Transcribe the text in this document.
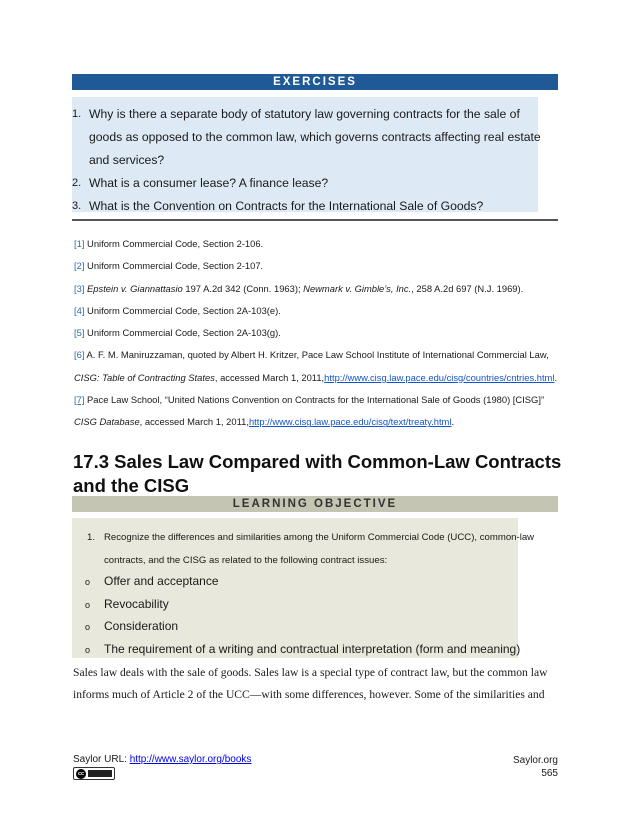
EXERCISES
1. Why is there a separate body of statutory law governing contracts for the sale of goods as opposed to the common law, which governs contracts affecting real estate and services?
2. What is a consumer lease? A finance lease?
3. What is the Convention on Contracts for the International Sale of Goods?

[1] Uniform Commercial Code, Section 2-106.

[2] Uniform Commercial Code, Section 2-107.

[3] Epstein v. Giannattasio 197 A.2d 342 (Conn. 1963); Newmark v. Gimble’s, Inc., 258 A.2d 697 (N.J. 1969).

[4] Uniform Commercial Code, Section 2A-103(e).

[5] Uniform Commercial Code, Section 2A-103(g).

[6] A. F. M. Maniruzzaman, quoted by Albert H. Kritzer, Pace Law School Institute of International Commercial Law, CISG: Table of Contracting States, accessed March 1, 2011,http://www.cisg.law.pace.edu/cisg/countries/cntries.html.

[7] Pace Law School, “United Nations Convention on Contracts for the International Sale of Goods (1980) [CISG]” CISG Database, accessed March 1, 2011,http://www.cisg.law.pace.edu/cisg/text/treaty.html.

17.3 Sales Law Compared with Common-Law Contracts and the CISG
LEARNING OBJECTIVE
1. Recognize the differences and similarities among the Uniform Commercial Code (UCC), common-law contracts, and the CISG as related to the following contract issues:
o Offer and acceptance
o Revocability
o Consideration
o The requirement of a writing and contractual interpretation (form and meaning)

Sales law deals with the sale of goods. Sales law is a special type of contract law, but the common law informs much of Article 2 of the UCC—with some differences, however. Some of the similarities and

Saylor URL: http://www.saylor.org/books
cc
Saylor.org
565
